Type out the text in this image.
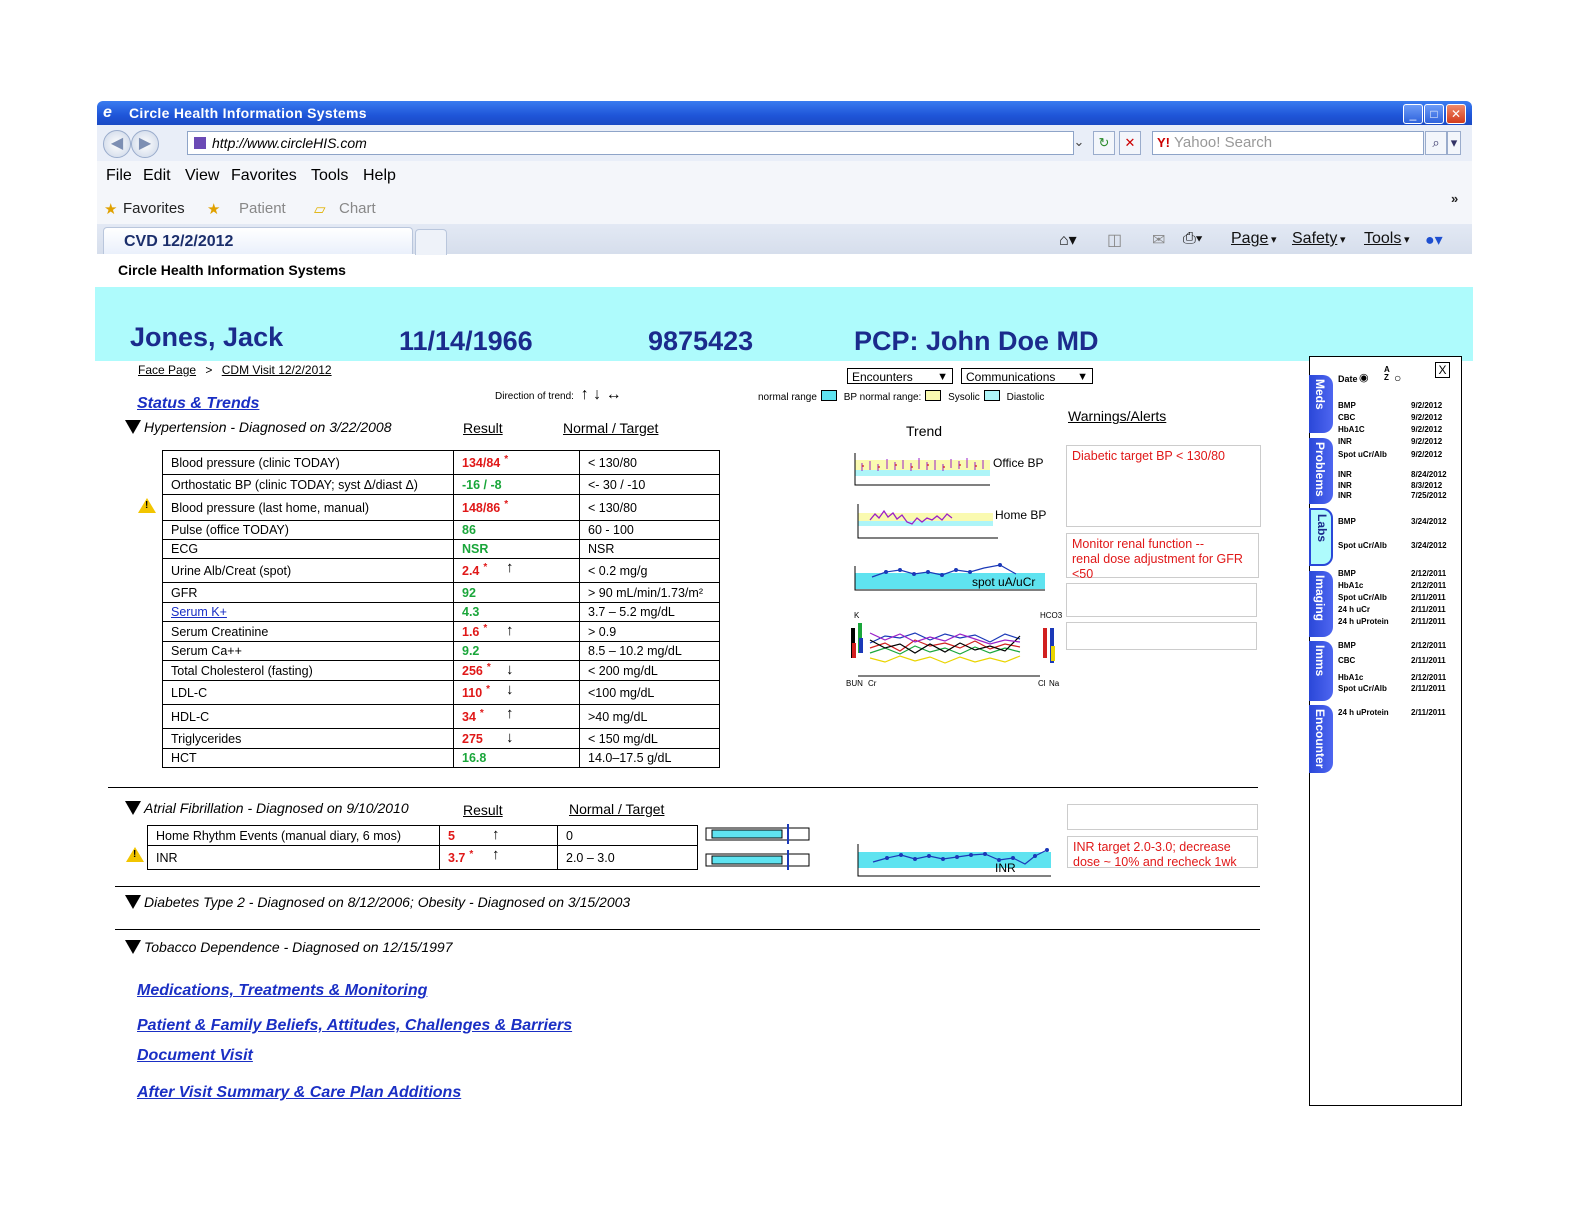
e	Circle Health Information Systems	_	□	✕
◀ ▶	http://www.circleHIS.com	⌄	↻	✕	Y! Yahoo! Search	⌕ ▾
File Edit View Favorites Tools Help
★ Favorites ★ Patient ▱ Chart
»
CVD 12/2/2012	⌂▾ ◫ ✉ ⎙▾ Page ▾ Safety ▾ Tools ▾ ●▾
Circle Health Information Systems
Jones, Jack	11/14/1966	9875423	PCP: John Doe MD
Face Page > CDM Visit 12/2/2012
Status & Trends	Direction of trend: ↑ ↓ ↔	normal range	BP normal range:	Sysolic	Diastolic
Encounters ▼	Communications ▼
Hypertension - Diagnosed on 3/22/2008	Result	Normal / Target	Trend
Warnings/Alerts
Blood pressure (clinic TODAY)	134/84 *	< 130/80
Orthostatic BP (clinic TODAY; syst Δ/diast Δ)	-16 / -8	<- 30 / -10
Blood pressure (last home, manual)	148/86 *	< 130/80
Pulse (office TODAY)	86	60 - 100
ECG	NSR	NSR
Urine Alb/Creat (spot)	2.4 * ↑	< 0.2 mg/g
GFR	92	> 90 mL/min/1.73/m²
Serum K+	4.3	3.7 – 5.2 mg/dL
Serum Creatinine	1.6 * ↑	> 0.9
Serum Ca++	9.2	8.5 – 10.2 mg/dL
Total Cholesterol (fasting)	256 * ↓	< 200 mg/dL
LDL-C	110 * ↓	<100 mg/dL
HDL-C	34 * ↑	>40 mg/dL
Triglycerides	275 ↓	< 150 mg/dL
HCT	16.8	14.0–17.5 g/dL
!
Office BP
Home BP
spot uA/uCr
K	HCO3
BUN Cr	Cl Na
Diabetic target BP < 130/80
Monitor renal function --
renal dose adjustment for GFR <50
Atrial Fibrillation - Diagnosed on 9/10/2010	Result	Normal / Target
Home Rhythm Events (manual diary, 6 mos)	5 ↑	0
INR	3.7 * ↑	2.0 – 3.0
!
INR
INR target 2.0-3.0; decrease dose ~ 10% and recheck 1wk
Diabetes Type 2 - Diagnosed on 8/12/2006; Obesity - Diagnosed on 3/15/2003
Tobacco Dependence - Diagnosed on 12/15/1997
Medications, Treatments & Monitoring
Patient & Family Beliefs, Attitudes, Challenges & Barriers
Document Visit
After Visit Summary & Care Plan Additions
Date ◉
A
Z ○
X
Meds
Problems
Labs
Imaging
Imms
Encounter
BMP	9/2/2012
CBC	9/2/2012
HbA1C	9/2/2012
INR	9/2/2012
Spot uCr/Alb	9/2/2012
INR	8/24/2012
INR	8/3/2012
INR	7/25/2012
BMP	3/24/2012
Spot uCr/Alb	3/24/2012
BMP	2/12/2011
HbA1c	2/12/2011
Spot uCr/Alb	2/11/2011
24 h uCr	2/11/2011
24 h uProtein	2/11/2011
BMP	2/12/2011
CBC	2/11/2011
HbA1c	2/12/2011
Spot uCr/Alb	2/11/2011
24 h uProtein	2/11/2011
